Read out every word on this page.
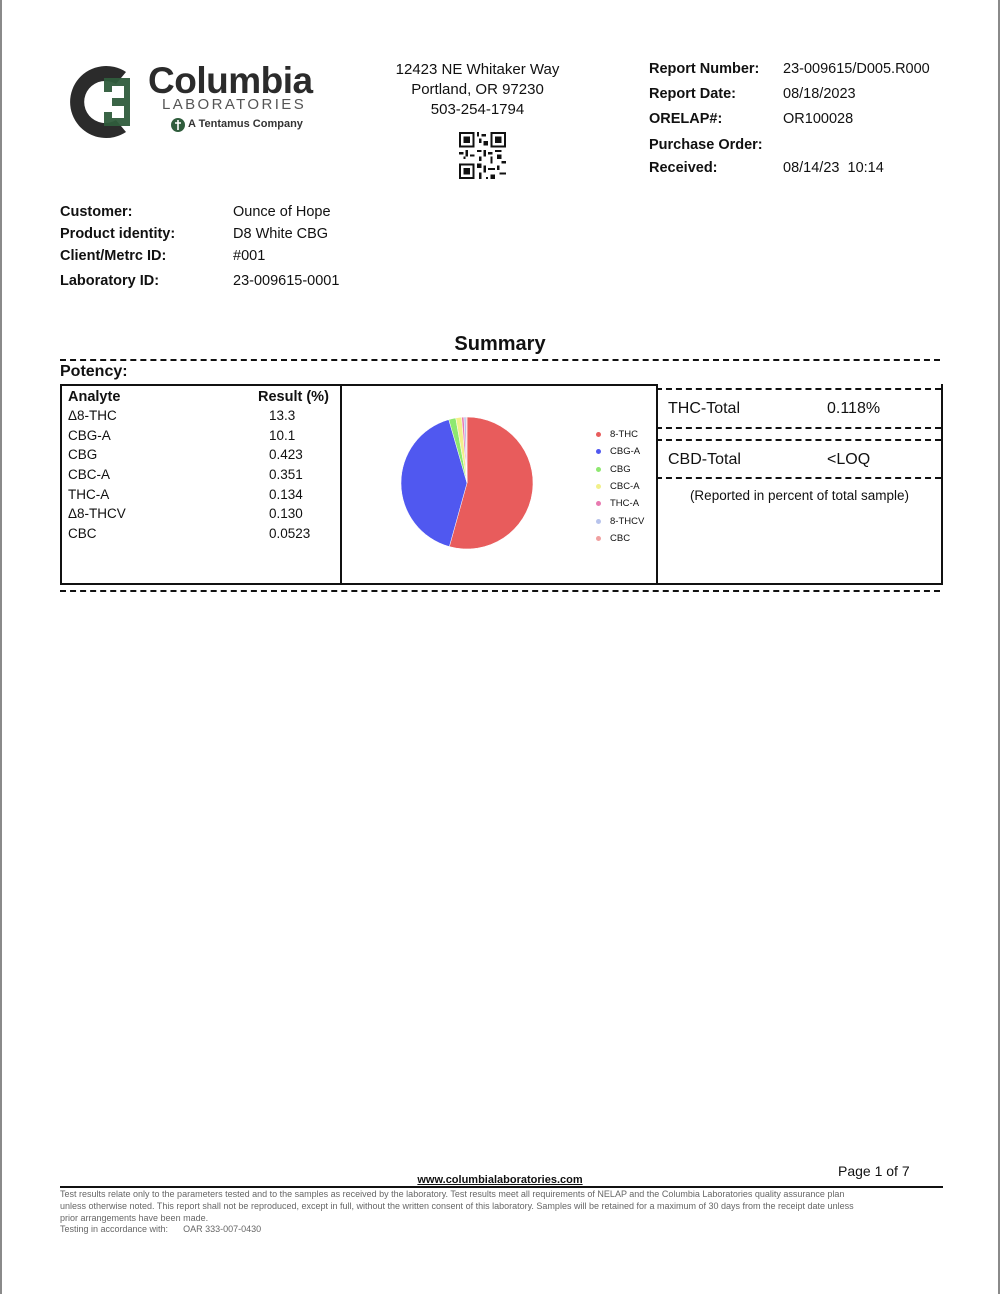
Columbia
LABORATORIES
A Tentamus Company
12423 NE Whitaker Way
Portland, OR 97230
503-254-1794
Report Number: 23-009615/D005.R000
Report Date:	08/18/2023
ORELAP#:	OR100028
Purchase Order:
Received:	08/14/23  10:14
Customer:	Ounce of Hope
Product identity:	D8 White CBG
Client/Metrc ID:	#001
Laboratory ID:	23-009615-0001
Summary
Potency:
Analyte	Result (%)
Δ8-THC	13.3
CBG-A	10.1
CBG	0.423
CBC-A	0.351
THC-A	0.134
Δ8-THCV	0.130
CBC	0.0523
8-THC
CBG-A
CBG
CBC-A
THC-A
8-THCV
CBC
THC-Total	0.118%
CBD-Total	<LOQ
(Reported in percent of total sample)
Page 1 of 7
www.columbialaboratories.com
Test results relate only to the parameters tested and to the samples as received by the laboratory. Test results meet all requirements of NELAP and the Columbia Laboratories quality assurance plan
unless otherwise noted. This report shall not be reproduced, except in full, without the written consent of this laboratory. Samples will be retained for a maximum of 30 days from the receipt date unless
prior arrangements have been made.
Testing in accordance with: OAR 333-007-0430
